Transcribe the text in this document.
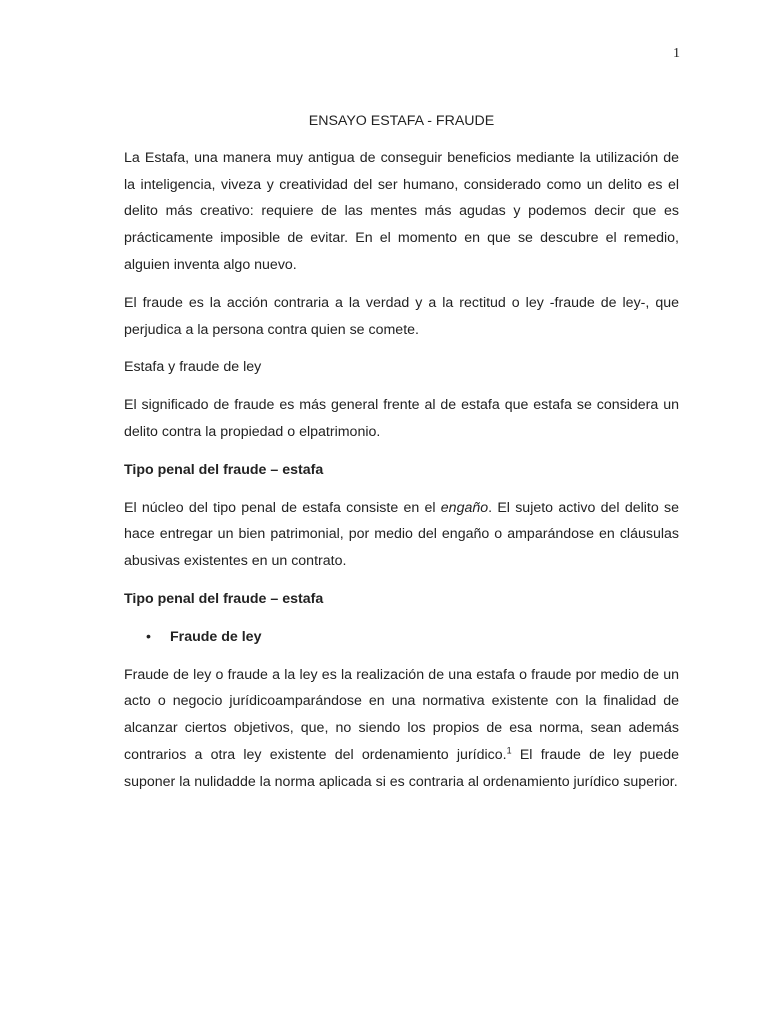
1
ENSAYO ESTAFA - FRAUDE

La Estafa, una manera muy antigua de conseguir beneficios mediante la utilización de la inteligencia, viveza y creatividad del ser humano, considerado como un delito es el delito más creativo: requiere de las mentes más agudas y podemos decir que es prácticamente imposible de evitar. En el momento en que se descubre el remedio, alguien inventa algo nuevo.

El fraude es la acción contraria a la verdad y a la rectitud o ley -fraude de ley-, que perjudica a la persona contra quien se comete.

Estafa y fraude de ley

El significado de fraude es más general frente al de estafa que estafa se considera un delito contra la propiedad o elpatrimonio.

Tipo penal del fraude – estafa

El núcleo del tipo penal de estafa consiste en el engaño. El sujeto activo del delito se hace entregar un bien patrimonial, por medio del engaño o amparándose en cláusulas abusivas existentes en un contrato.

Tipo penal del fraude – estafa
• Fraude de ley

Fraude de ley o fraude a la ley es la realización de una estafa o fraude por medio de un acto o negocio jurídicoamparándose en una normativa existente con la finalidad de alcanzar ciertos objetivos, que, no siendo los propios de esa norma, sean además contrarios a otra ley existente del ordenamiento jurídico.$^1$ El fraude de ley puede suponer la nulidadde la norma aplicada si es contraria al ordenamiento jurídico superior.
